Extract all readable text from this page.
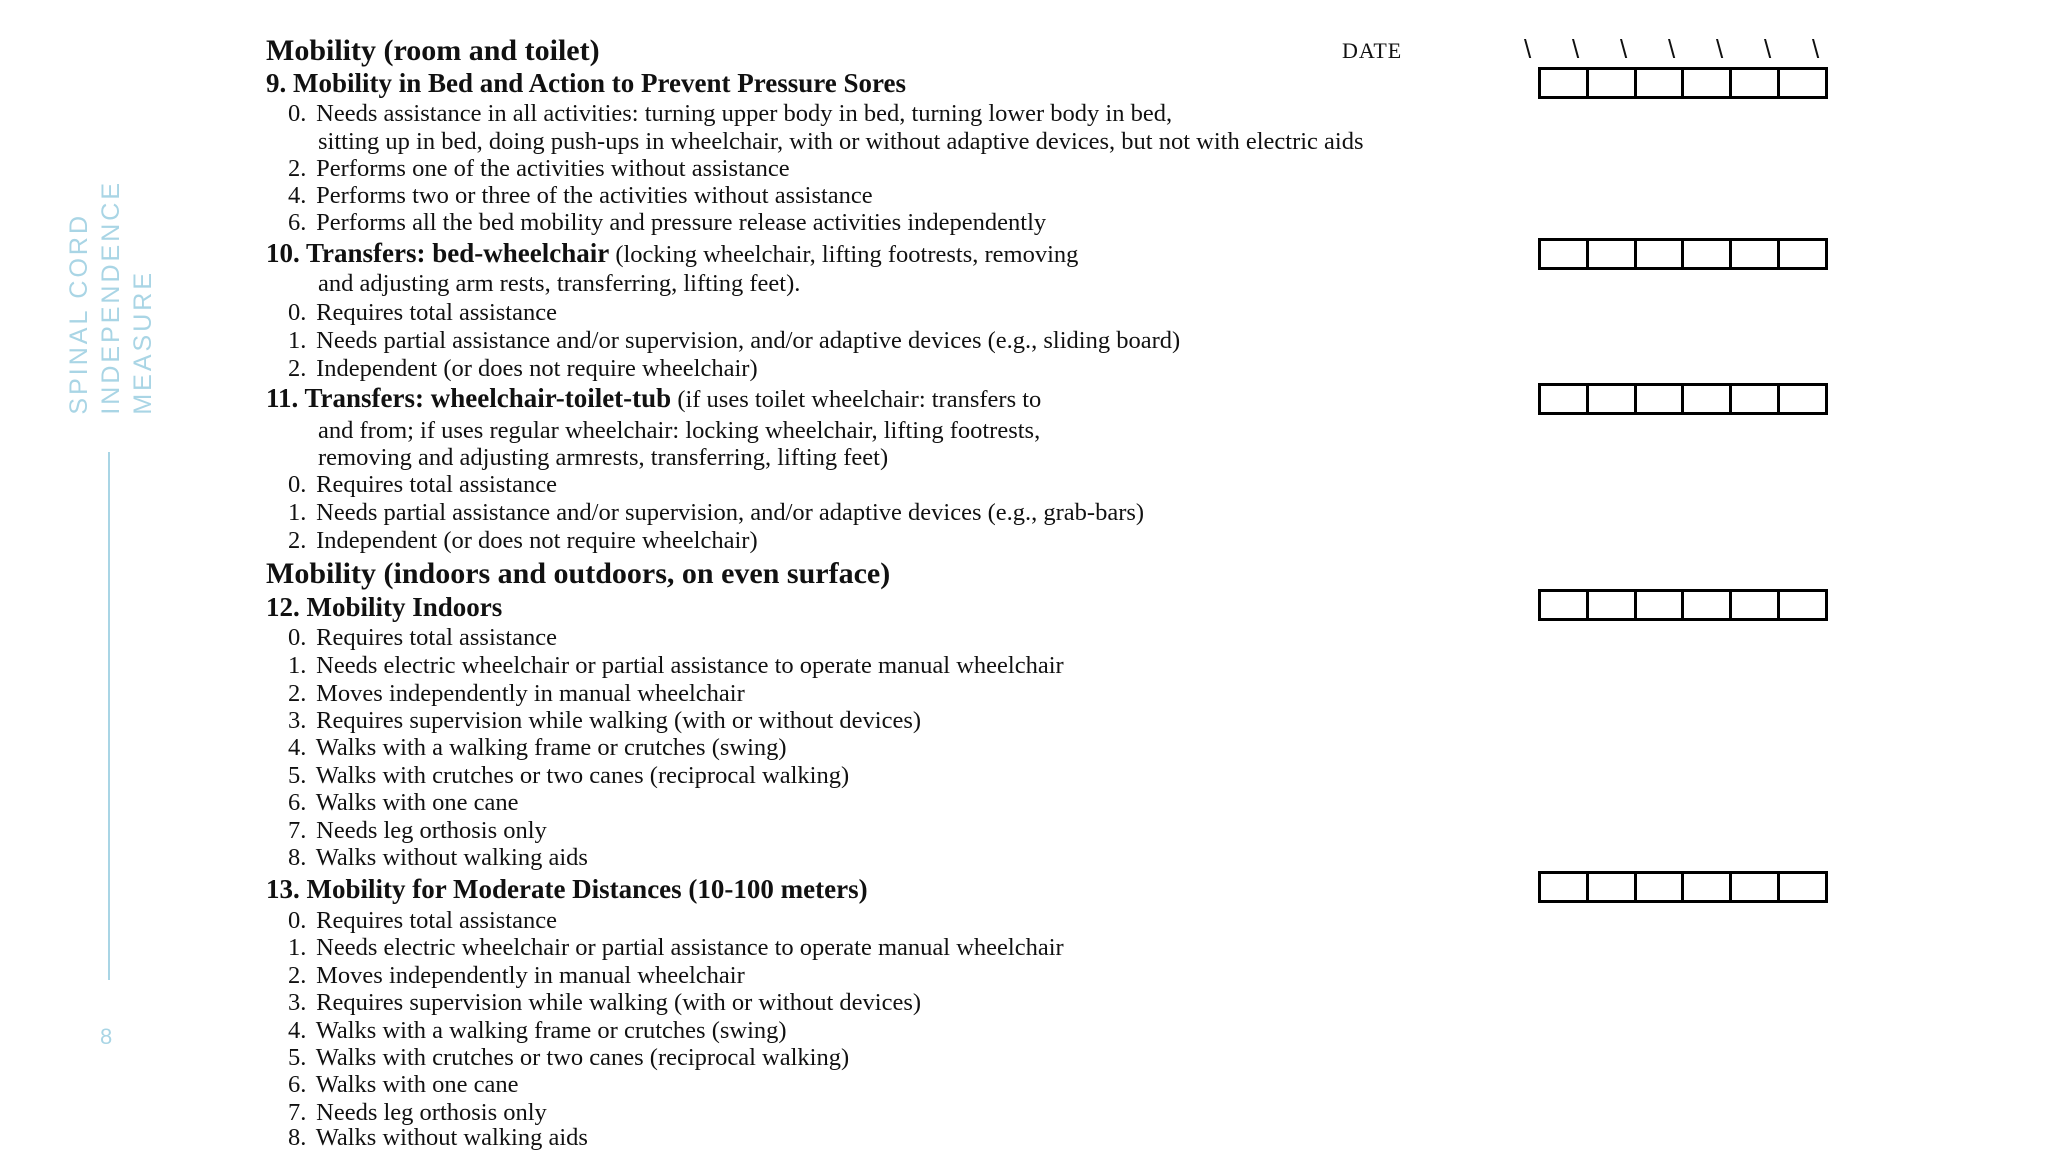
SPINAL CORD INDEPENDENCE MEASURE
8
Mobility (room and toilet)	DATE	\ \ \ \ \ \ \
9. Mobility in Bed and Action to Prevent Pressure Sores
0. Needs assistance in all activities: turning upper body in bed, turning lower body in bed,
sitting up in bed, doing push-ups in wheelchair, with or without adaptive devices, but not with electric aids
2. Performs one of the activities without assistance
4. Performs two or three of the activities without assistance
6. Performs all the bed mobility and pressure release activities independently
10. Transfers: bed-wheelchair (locking wheelchair, lifting footrests, removing
and adjusting arm rests, transferring, lifting feet).
0. Requires total assistance
1. Needs partial assistance and/or supervision, and/or adaptive devices (e.g., sliding board)
2. Independent (or does not require wheelchair)
11. Transfers: wheelchair-toilet-tub (if uses toilet wheelchair: transfers to
and from; if uses regular wheelchair: locking wheelchair, lifting footrests,
removing and adjusting armrests, transferring, lifting feet)
0. Requires total assistance
1. Needs partial assistance and/or supervision, and/or adaptive devices (e.g., grab-bars)
2. Independent (or does not require wheelchair)
Mobility (indoors and outdoors, on even surface)
12. Mobility Indoors
0. Requires total assistance
1. Needs electric wheelchair or partial assistance to operate manual wheelchair
2. Moves independently in manual wheelchair
3. Requires supervision while walking (with or without devices)
4. Walks with a walking frame or crutches (swing)
5. Walks with crutches or two canes (reciprocal walking)
6. Walks with one cane
7. Needs leg orthosis only
8. Walks without walking aids
13. Mobility for Moderate Distances (10-100 meters)
0. Requires total assistance
1. Needs electric wheelchair or partial assistance to operate manual wheelchair
2. Moves independently in manual wheelchair
3. Requires supervision while walking (with or without devices)
4. Walks with a walking frame or crutches (swing)
5. Walks with crutches or two canes (reciprocal walking)
6. Walks with one cane
7. Needs leg orthosis only
8. Walks without walking aids
